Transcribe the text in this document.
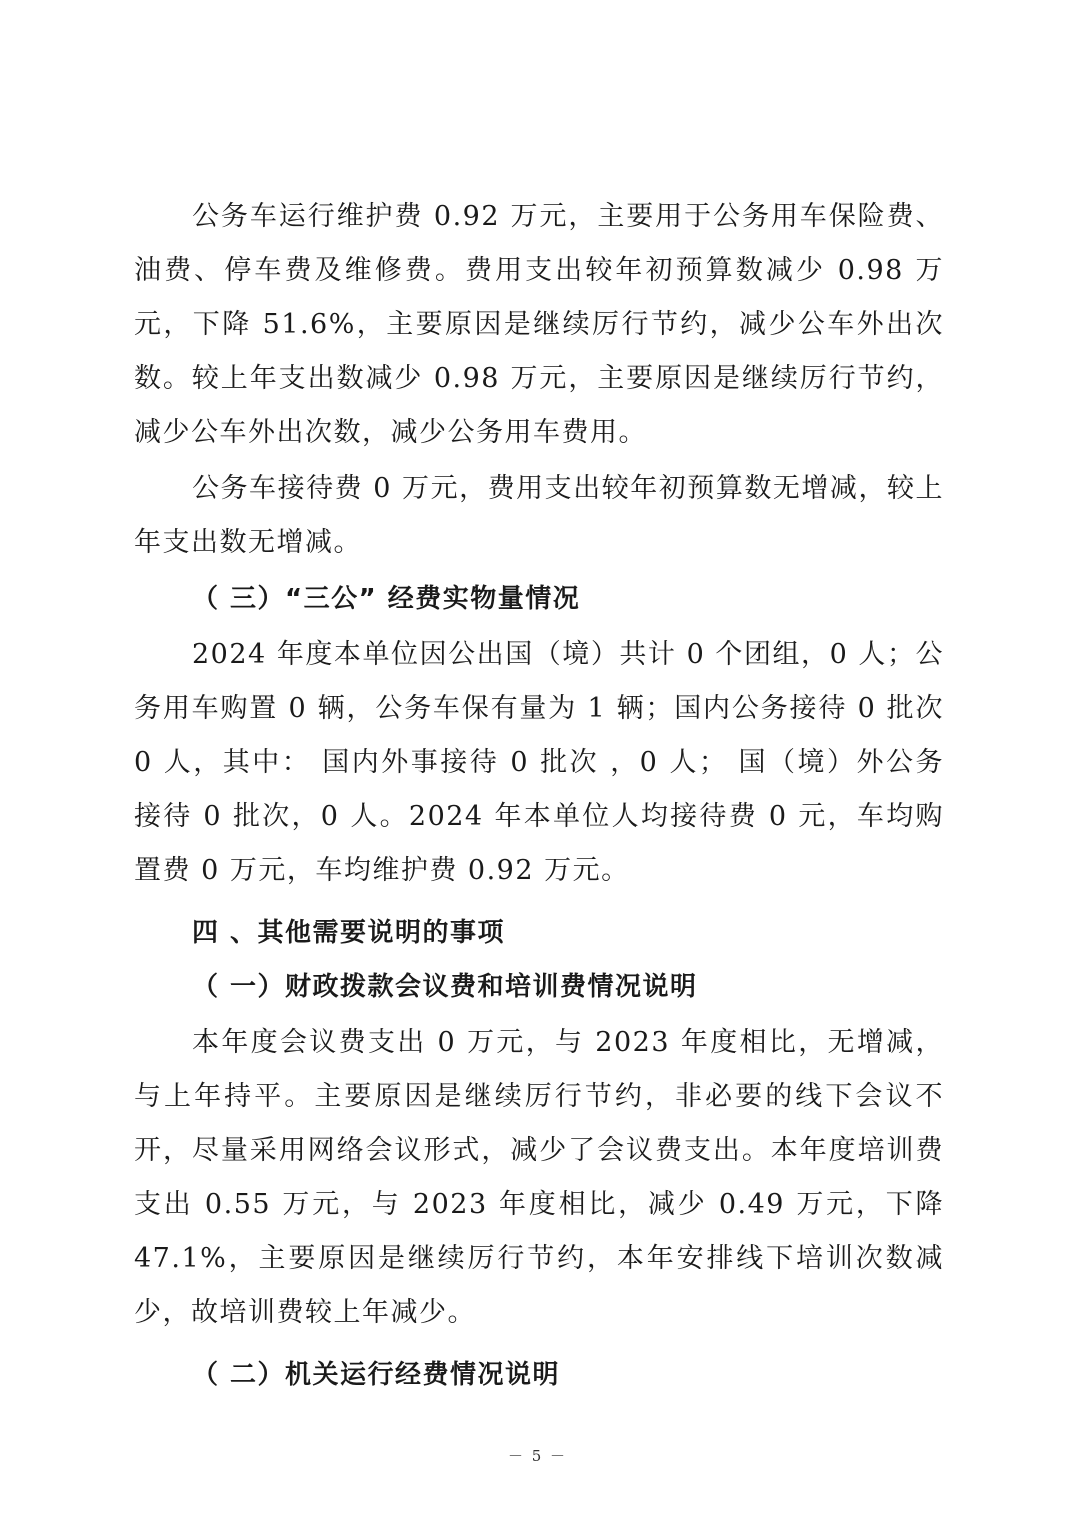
公务车运行维护费 0.92 万元，主要用于公务用车保险费、油费、停车费及维修费。费用支出较年初预算数减少 0.98 万元，下降 51.6%，主要原因是继续厉行节约，减少公车外出次数。较上年支出数减少 0.98 万元，主要原因是继续厉行节约，减少公车外出次数，减少公务用车费用。

公务车接待费 0 万元，费用支出较年初预算数无增减，较上年支出数无增减。

（ 三）“三公” 经费实物量情况

2024 年度本单位因公出国（境）共计 0 个团组，0 人；公务用车购置 0 辆，公务车保有量为 1 辆；国内公务接待 0 批次 0 人，其中： 国内外事接待 0 批次 ，0 人； 国（境）外公务接待 0 批次，0 人。2024 年本单位人均接待费 0 元，车均购置费 0 万元，车均维护费 0.92 万元。

四 、其他需要说明的事项

（ 一）财政拨款会议费和培训费情况说明

本年度会议费支出 0 万元，与 2023 年度相比，无增减，与上年持平。主要原因是继续厉行节约，非必要的线下会议不开，尽量采用网络会议形式，减少了会议费支出。本年度培训费支出 0.55 万元，与 2023 年度相比，减少 0.49 万元，下降 47.1%，主要原因是继续厉行节约，本年安排线下培训次数减少，故培训费较上年减少。

（ 二）机关运行经费情况说明

－ 5 －
